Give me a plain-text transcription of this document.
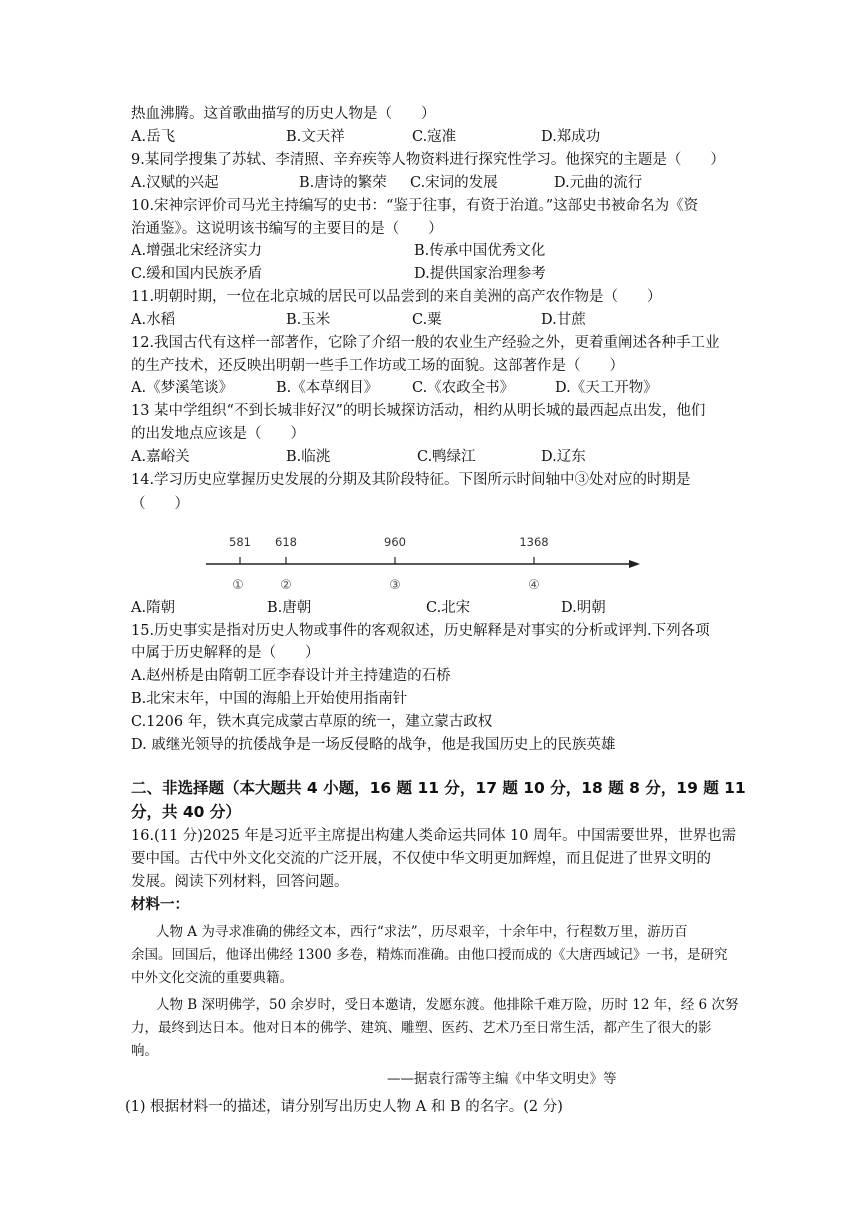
热血沸腾。这首歌曲描写的历史人物是（　　）
A.岳飞	B.文天祥	C.寇准	D.郑成功
9.某同学搜集了苏轼、李清照、辛弃疾等人物资料进行探究性学习。他探究的主题是（　　）
A.汉赋的兴起	B.唐诗的繁荣 C.宋词的发展	D.元曲的流行
10.宋神宗评价司马光主持编写的史书：“鉴于往事，有资于治道。”这部史书被命名为《资
治通鉴》。这说明该书编写的主要目的是（　　）
A.增强北宋经济实力	B.传承中国优秀文化
C.缓和国内民族矛盾	D.提供国家治理参考
11.明朝时期，一位在北京城的居民可以品尝到的来自美洲的高产农作物是（　　）
A.水稻	B.玉米	C.粟	D.甘蔗
12.我国古代有这样一部著作，它除了介绍一般的农业生产经验之外，更着重阐述各种手工业
的生产技术，还反映出明朝一些手工作坊或工场的面貌。这部著作是（　　）
A.《梦溪笔谈》	B.《本草纲目》 C.《农政全书》	D.《天工开物》
13 某中学组织“不到长城非好汉”的明长城探访活动，相约从明长城的最西起点出发，他们
的出发地点应该是（　　）
A.嘉峪关	B.临洮	C.鸭绿江	D.辽东
14.学习历史应掌握历史发展的分期及其阶段特征。下图所示时间轴中③处对应的时期是
（　　）
581 618	960	1368
①	②	③	④
A.隋朝	B.唐朝	C.北宋	D.明朝
15.历史事实是指对历史人物或事件的客观叙述，历史解释是对事实的分析或评判.下列各项
中属于历史解释的是（　　）
A.赵州桥是由隋朝工匠李春设计并主持建造的石桥
B.北宋末年，中国的海船上开始使用指南针
C.1206 年，铁木真完成蒙古草原的统一，建立蒙古政权
D. 戚继光领导的抗倭战争是一场反侵略的战争，他是我国历史上的民族英雄
二、非选择题（本大题共 4 小题，16 题 11 分，17 题 10 分，18 题 8 分，19 题 11
分，共 40 分）
16.(11 分)2025 年是习近平主席提出构建人类命运共同体 10 周年。中国需要世界，世界也需
要中国。古代中外文化交流的广泛开展，不仅使中华文明更加辉煌，而且促进了世界文明的
发展。阅读下列材料，回答问题。
材料一：
人物 A 为寻求准确的佛经文本，西行“求法”，历尽艰辛，十余年中，行程数万里，游历百
余国。回国后，他译出佛经 1300 多卷，精炼而准确。由他口授而成的《大唐西域记》一书，是研究
中外文化交流的重要典籍。
人物 B 深明佛学，50 余岁时，受日本邀请，发愿东渡。他排除千难万险，历时 12 年，经 6 次努
力，最终到达日本。他对日本的佛学、建筑、雕塑、医药、艺术乃至日常生活，都产生了很大的影
响。
——据袁行霈等主编《中华文明史》等
(1) 根据材料一的描述，请分别写出历史人物 A 和 B 的名字。(2 分)
